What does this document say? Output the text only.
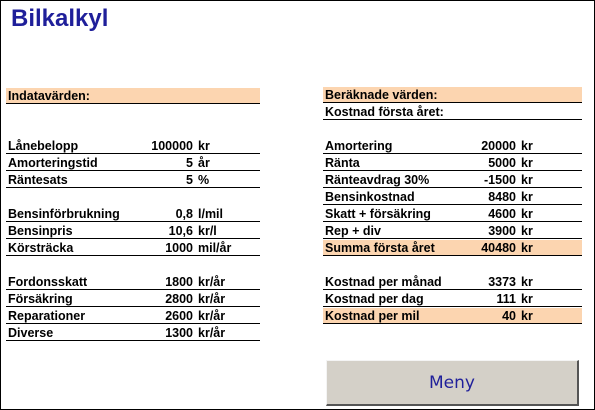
Bilkalkyl
Indatavärden:
Lånebelopp	100000 kr
Amorteringstid	5 år
Räntesats	5 %
Bensinförbrukning	0,8 l/mil
Bensinpris	10,6 kr/l
Körsträcka	1000 mil/år
Fordonsskatt	1800 kr/år
Försäkring	2800 kr/år
Reparationer	2600 kr/år
Diverse	1300 kr/år
Beräknade värden:
Kostnad första året:
Amortering	20000 kr
Ränta	5000 kr
Ränteavdrag 30%	-1500 kr
Bensinkostnad	8480 kr
Skatt + försäkring	4600 kr
Rep + div	3900 kr
Summa första året	40480 kr
Kostnad per månad	3373 kr
Kostnad per dag	111 kr
Kostnad per mil	40 kr
Meny
